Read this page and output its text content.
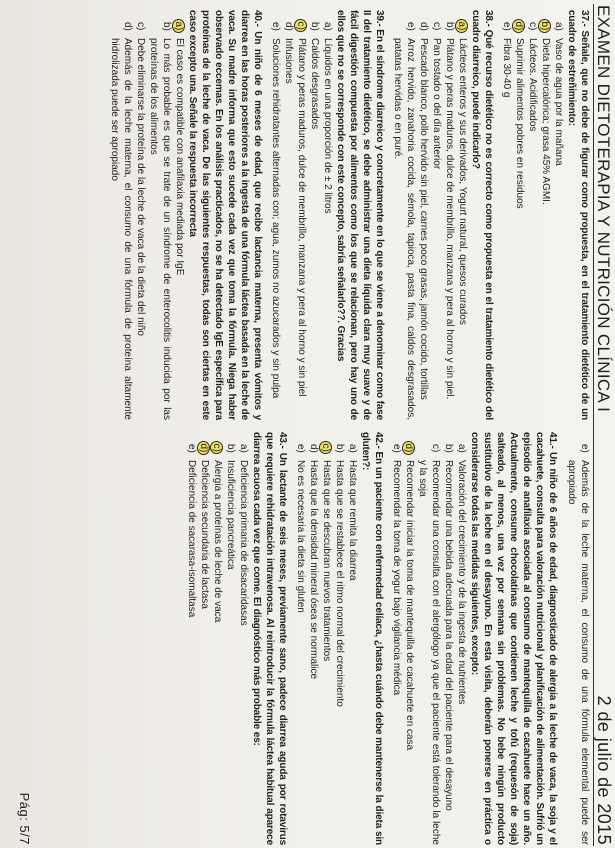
EXAMEN DIETOTERAPIA Y NUTRICIÓN CLÍNICA I
2 de julio de 2015

37.- Señale, que no debe de figurar como propuesta, en el tratamiento dietético de un cuadro de estreñimiento:

a)
Vaso de agua por la mañana
b)
Dieta hipercalórica; grasa 45% AGMI.
c)
Lácteos. Acidificados
d)
Suprimir alimentos pobres en residuos
e)
Fibra 30-40 g

38.- Qué recurso dietético no es correcto como propuesta en el tratamiento dietético del cuadro diarreico, puede indicarlo?

a)
Lácteos enteros y sus derivados, Yogurt natural, quesos curados
b)
Plátano y peras maduros, dulce de membrillo, manzana y pera al horno y sin piel.
c)
Pan tostado o del día anterior
d)
Pescado blanco, pollo hervido sin piel, carnes poco grasas, jamón cocido, tortillas
e)
Arroz hervido, zanahoria cocida, sémola, tapioca, pasta fina, caldos desgrasados, patatas hervidas o en puré.

39.- En el síndrome diarreico y concretamente en lo que se viene a denominar como fase II del tratamiento dietético, se debe administrar una dieta líquida clara muy suave y de fácil digestión compuesta por alimentos como los que se relacionan, pero hay uno de ellos que no se corresponde con este concepto, sabría señalarlo??. Gracias

a)
Líquidos en una proporción de ± 2 litros
b)
Caldos desgrasados
c)
Plátano y peras maduros, dulce de membrillo, manzana y pera al horno y sin piel
d)
Infusiones
e)
Soluciones rehidratantes alternadas con; agua, zumos no azucarados y sin pulpa

40.- Un niño de 6 meses de edad, que recibe lactancia materna, presenta vómitos y diarrea en las horas posteriores a la ingesta de una fórmula láctea basada en la leche de vaca. Su madre informa que esto sucede cada vez que toma la fórmula. Niega haber observado eccemas. En los análisis practicados, no se ha detectado IgE específica para proteínas de la leche de vaca. De las siguientes respuestas, todas son ciertas en este caso excepto una. Señale la respuesta incorrecta

a)
El caso es compatible con anafilaxia mediada por IgE
b)
Lo más probable es que se trate de un síndrome de enterocolitis inducida por las proteínas de los alimentos
c)
Debe eliminarse la proteína de la leche de vaca de la dieta del niño
d)
Además de la leche materna, el consumo de una fórmula de proteína altamente hidrolizada puede ser apropiado
e)
Además de la leche materna, el consumo de una fórmula elemental puede ser apropiado

41.- Un niño de 6 años de edad, diagnosticado de alergia a la leche de vaca, la soja y el cacahuete, consulta para valoración nutricional y planificación de alimentación. Sufrió un episodio de anafilaxia asociada al consumo de mantequilla de cacahuete hace un año. Actualmente, consume chocolatinas que contienen leche y tofú (requesón de soja) salteado, al menos, una vez por semana sin problemas. No bebe ningún producto sustitutivo de la leche en el desayuno. En esta visita, deberán ponerse en práctica o considerarse todas las medidas siguientes, excepto:

a)
Valoración del crecimiento y de la ingesta de nutrientes
b)
Recomendar una bebida adecuada para la edad del paciente para el desayuno
c)
Recomendar una consulta con el alergólogo ya que el paciente está tolerando la leche y la soja
d)
Recomendar iniciar la toma de mantequilla de cacahuete en casa
e)
Recomendar la toma de yogur bajo vigilancia médica

42.- En un paciente con enfermedad celíaca, ¿hasta cuándo debe mantenerse la dieta sin gluten?:

a)
Hasta que remita la diarrea
b)
Hasta que se restablece el ritmo normal del crecimiento
c)
Hasta que se descubran nuevos tratamientos
d)
Hasta que la densidad mineral ósea se normalice
e)
No es necesaria la dieta sin gluten

43.- Un lactante de seis meses, previamente sano, padece diarrea aguda por rotavirus que requiere rehidratación intravenosa. Al reintroducir la fórmula láctea habitual aparece diarrea acuosa cada vez que come. El diagnóstico más probable es:

a)
Deficiencia primaria de disacaridasas
b)
Insuficiencia pancreática
c)
Alergia a proteínas de leche de vaca
d)
Deficiencia secundaria de lactasa
e)
Deficiencia de sacarasa-isomaltasa
Pág: 5/7
